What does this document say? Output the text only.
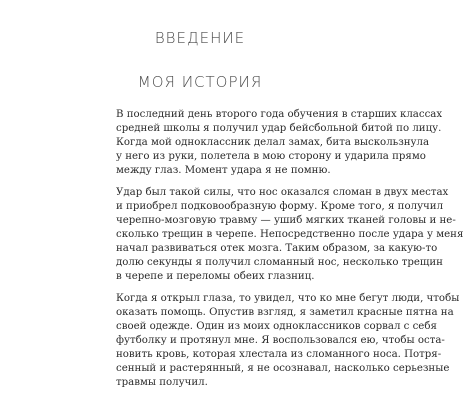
ВВЕДЕНИЕ
МОЯ ИСТОРИЯ
В последний день второго года обучения в старших классах
средней школы я получил удар бейсбольной битой по лицу.
Когда мой одноклассник делал замах, бита выскользнула
у него из руки, полетела в мою сторону и ударила прямо
между глаз. Момент удара я не помню.
Удар был такой силы, что нос оказался сломан в двух местах
и приобрел подковообразную форму. Кроме того, я получил
черепно-мозговую травму — ушиб мягких тканей головы и не-
сколько трещин в черепе. Непосредственно после удара у меня
начал развиваться отек мозга. Таким образом, за какую-то
долю секунды я получил сломанный нос, несколько трещин
в черепе и переломы обеих глазниц.
Когда я открыл глаза, то увидел, что ко мне бегут люди, чтобы
оказать помощь. Опустив взгляд, я заметил красные пятна на
своей одежде. Один из моих одноклассников сорвал с себя
футболку и протянул мне. Я воспользовался ею, чтобы оста-
новить кровь, которая хлестала из сломанного носа. Потря-
сенный и растерянный, я не осознавал, насколько серьезные
травмы получил.
